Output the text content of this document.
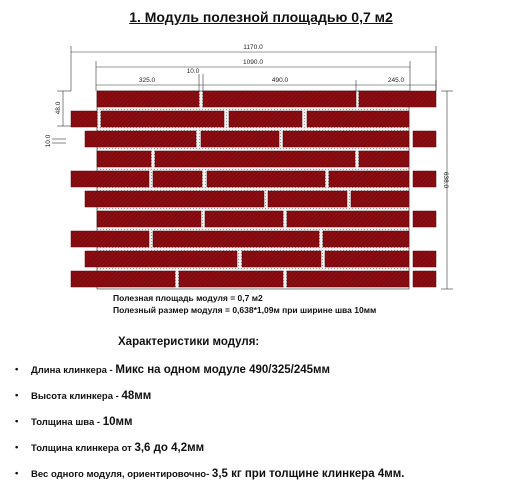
1. Модуль полезной площадью 0,7 м2
1170.0
1090.0
10.0
325.0	490.0	245.0
48.0
10.0
638.0
Полезная площадь модуля = 0,7 м2
Полезный размер модуля = 0,638*1,09м при ширине шва 10мм
Характеристики модуля:
• Длина клинкера - Микс на одном модуле 490/325/245мм
• Высота клинкера - 48мм
• Толщина шва - 10мм
• Толщина клинкера от 3,6 до 4,2мм
• Вес одного модуля, ориентировочно- 3,5 кг при толщине клинкера 4мм.
